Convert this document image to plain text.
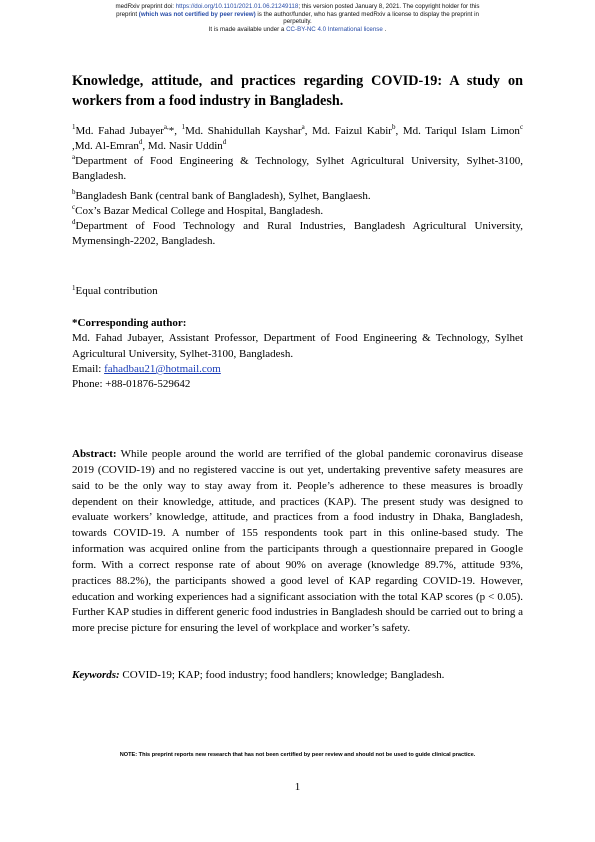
medRxiv preprint doi: https://doi.org/10.1101/2021.01.06.21249118; this version posted January 8, 2021. The copyright holder for this
preprint (which was not certified by peer review) is the author/funder, who has granted medRxiv a license to display the preprint in
perpetuity.
It is made available under a CC-BY-NC 4.0 International license .
Knowledge, attitude, and practices regarding COVID-19: A study on workers from a food industry in Bangladesh.
$^1$Md. Fahad Jubayer$^{a,}$*, $^1$Md. Shahidullah Kayshar$^a$, Md. Faizul Kabir$^b$, Md. Tariqul Islam Limon$^c$ ,Md. Al-Emran$^d$, Md. Nasir Uddin$^d$
$^a$Department of Food Engineering & Technology, Sylhet Agricultural University, Sylhet-3100, Bangladesh.
$^b$Bangladesh Bank (central bank of Bangladesh), Sylhet, Banglaesh.
$^c$Cox’s Bazar Medical College and Hospital, Bangladesh.
$^d$Department of Food Technology and Rural Industries, Bangladesh Agricultural University, Mymensingh-2202, Bangladesh.
$^1$Equal contribution
*Corresponding author:
Md. Fahad Jubayer, Assistant Professor, Department of Food Engineering & Technology, Sylhet Agricultural University, Sylhet-3100, Bangladesh.
Email: fahadbau21@hotmail.com
Phone: +88-01876-529642
Abstract: While people around the world are terrified of the global pandemic coronavirus disease 2019 (COVID-19) and no registered vaccine is out yet, undertaking preventive safety measures are said to be the only way to stay away from it. People’s adherence to these measures is broadly dependent on their knowledge, attitude, and practices (KAP). The present study was designed to evaluate workers’ knowledge, attitude, and practices from a food industry in Dhaka, Bangladesh, towards COVID-19. A number of 155 respondents took part in this online-based study. The information was acquired online from the participants through a questionnaire prepared in Google form. With a correct response rate of about 90% on average (knowledge 89.7%, attitude 93%, practices 88.2%), the participants showed a good level of KAP regarding COVID-19. However, education and working experiences had a significant association with the total KAP scores (p < 0.05). Further KAP studies in different generic food industries in Bangladesh should be carried out to bring a more precise picture for ensuring the level of workplace and worker’s safety.
Keywords: COVID-19; KAP; food industry; food handlers; knowledge; Bangladesh.
NOTE: This preprint reports new research that has not been certified by peer review and should not be used to guide clinical practice.
1
